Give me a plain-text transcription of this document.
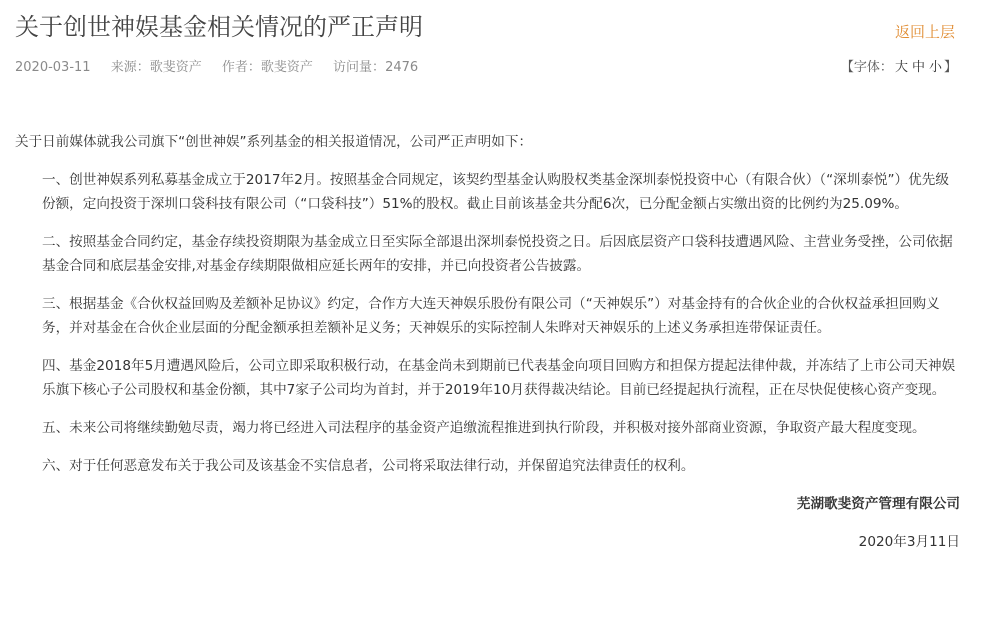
关于创世神娱基金相关情况的严正声明	返回上层
2020-03-11 来源：歌斐资产 作者：歌斐资产 访问量：2476	【字体： 大 中 小 】

关于日前媒体就我公司旗下“创世神娱”系列基金的相关报道情况，公司严正声明如下：

一、创世神娱系列私募基金成立于2017年2月。按照基金合同规定，该契约型基金认购股权类基金深圳泰悦投资中心（有限合伙）（“深圳泰悦”）优先级份额，定向投资于深圳口袋科技有限公司（“口袋科技”）51%的股权。截止目前该基金共分配6次，已分配金额占实缴出资的比例约为25.09%。

二、按照基金合同约定，基金存续投资期限为基金成立日至实际全部退出深圳泰悦投资之日。后因底层资产口袋科技遭遇风险、主营业务受挫，公司依据基金合同和底层基金安排,对基金存续期限做相应延长两年的安排，并已向投资者公告披露。

三、根据基金《合伙权益回购及差额补足协议》约定，合作方大连天神娱乐股份有限公司（“天神娱乐”）对基金持有的合伙企业的合伙权益承担回购义务，并对基金在合伙企业层面的分配金额承担差额补足义务；天神娱乐的实际控制人朱晔对天神娱乐的上述义务承担连带保证责任。

四、基金2018年5月遭遇风险后，公司立即采取积极行动，在基金尚未到期前已代表基金向项目回购方和担保方提起法律仲裁，并冻结了上市公司天神娱乐旗下核心子公司股权和基金份额，其中7家子公司均为首封，并于2019年10月获得裁决结论。目前已经提起执行流程，正在尽快促使核心资产变现。

五、未来公司将继续勤勉尽责，竭力将已经进入司法程序的基金资产追缴流程推进到执行阶段，并积极对接外部商业资源，争取资产最大程度变现。

六、对于任何恶意发布关于我公司及该基金不实信息者，公司将采取法律行动，并保留追究法律责任的权利。

芜湖歌斐资产管理有限公司

2020年3月11日
